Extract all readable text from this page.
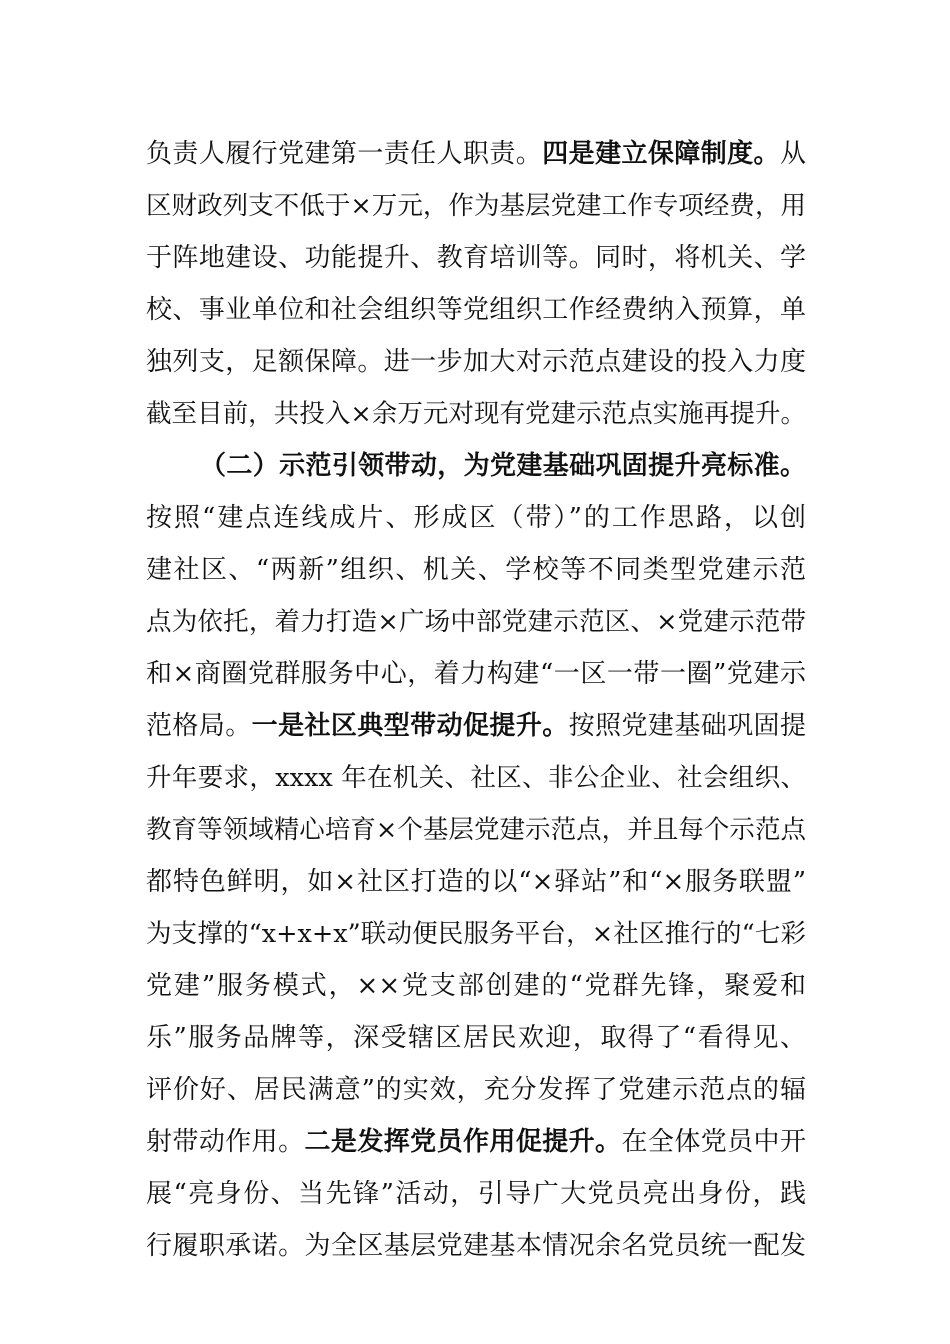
负责人履行党建第一责任人职责。四是建立保障制度。从
区财政列支不低于×万元，作为基层党建工作专项经费，用
于阵地建设、功能提升、教育培训等。同时，将机关、学
校、事业单位和社会组织等党组织工作经费纳入预算，单
独列支，足额保障。进一步加大对示范点建设的投入力度
截至目前，共投入×余万元对现有党建示范点实施再提升。
（二）示范引领带动，为党建基础巩固提升亮标准。
按照“建点连线成片、形成区（带）”的工作思路，以创
建社区、“两新”组织、机关、学校等不同类型党建示范
点为依托，着力打造×广场中部党建示范区、×党建示范带
和×商圈党群服务中心，着力构建“一区一带一圈”党建示
范格局。一是社区典型带动促提升。按照党建基础巩固提
升年要求，xxxx 年在机关、社区、非公企业、社会组织、
教育等领域精心培育×个基层党建示范点，并且每个示范点
都特色鲜明，如×社区打造的以“×驿站”和“×服务联盟”
为支撑的“x+x+x”联动便民服务平台，×社区推行的“七彩
党建”服务模式，××党支部创建的“党群先锋，聚爱和
乐”服务品牌等，深受辖区居民欢迎，取得了“看得见、
评价好、居民满意”的实效，充分发挥了党建示范点的辐
射带动作用。二是发挥党员作用促提升。在全体党员中开
展“亮身份、当先锋”活动，引导广大党员亮出身份，践
行履职承诺。为全区基层党建基本情况余名党员统一配发
